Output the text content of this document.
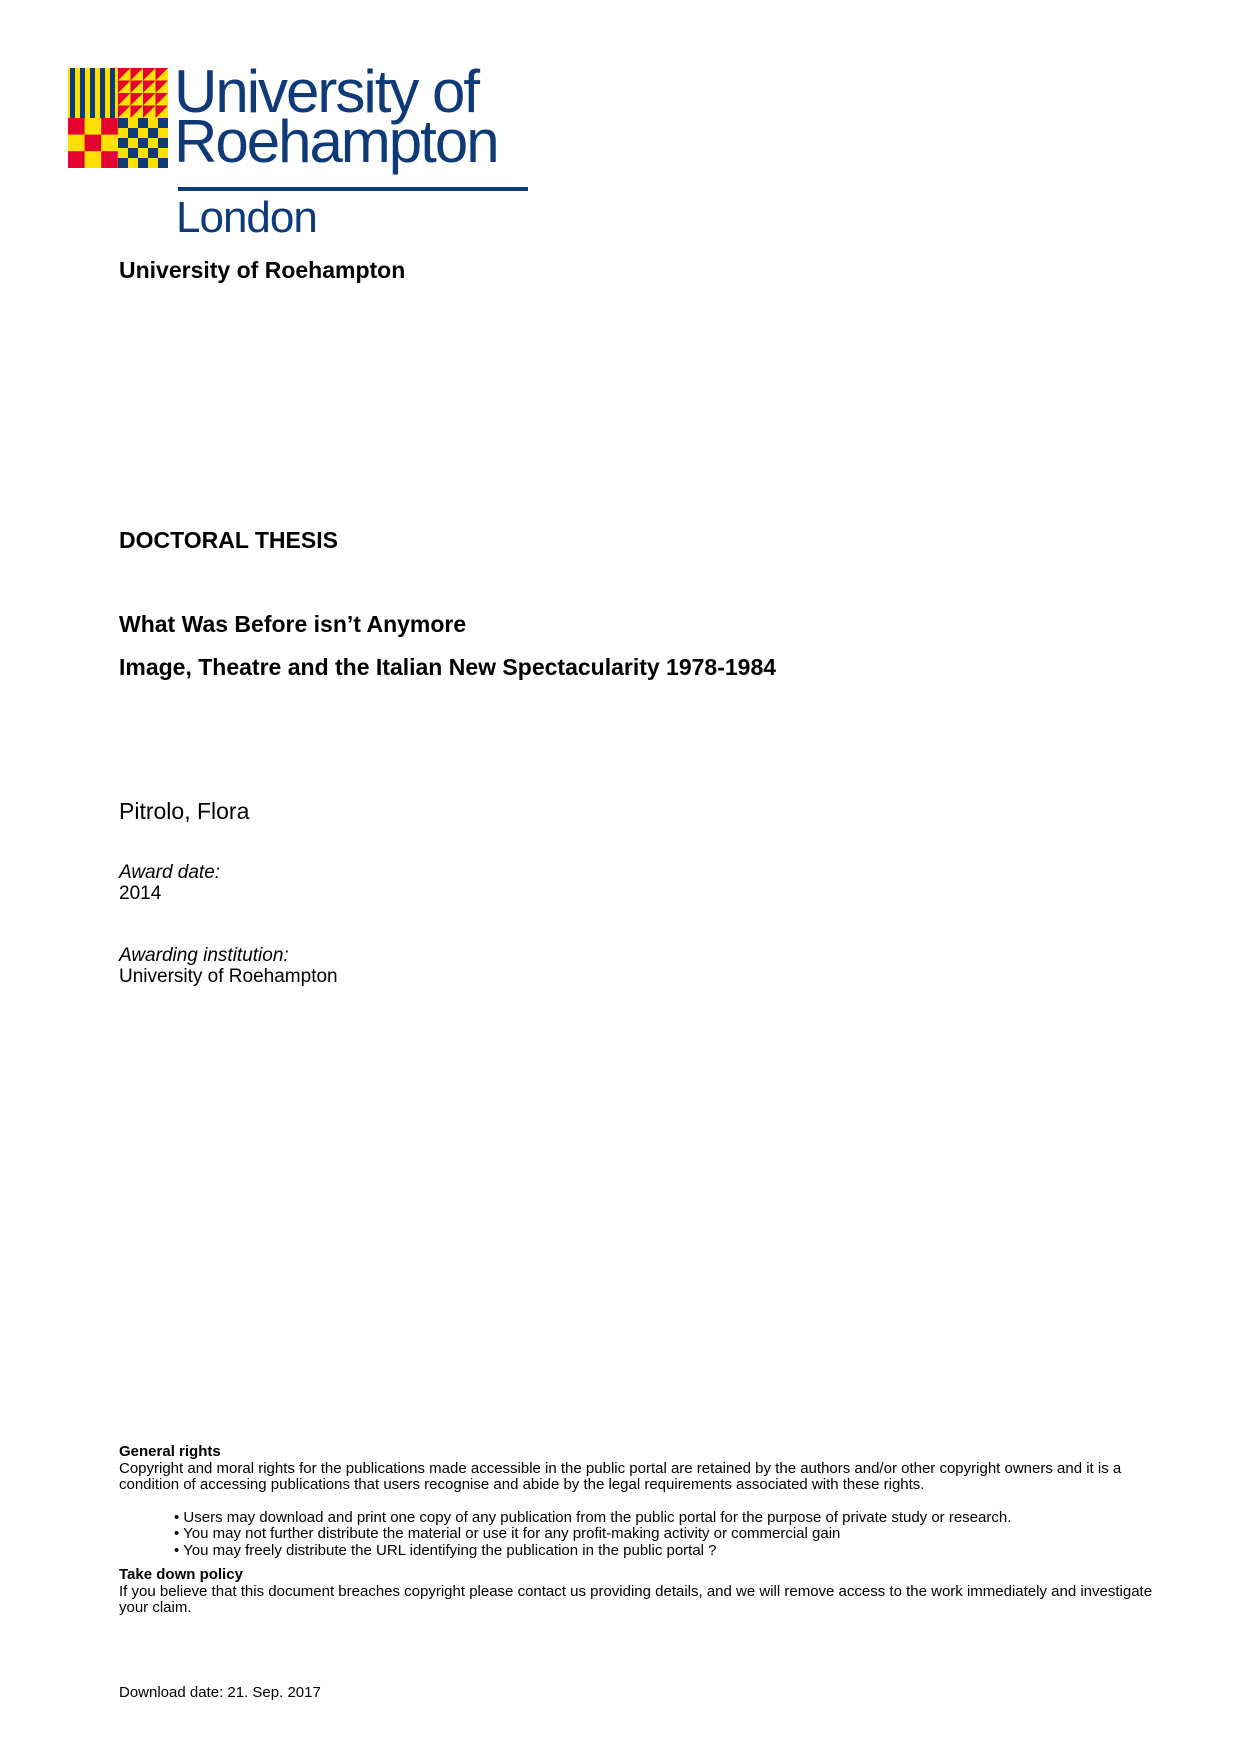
University of
Roehampton
London
University of Roehampton
DOCTORAL THESIS
What Was Before isn’t Anymore
Image, Theatre and the Italian New Spectacularity 1978-1984
Pitrolo, Flora
Award date:
2014
Awarding institution:
University of Roehampton
General rights
Copyright and moral rights for the publications made accessible in the public portal are retained by the authors and/or other copyright owners and it is a condition of accessing publications that users recognise and abide by the legal requirements associated with these rights.
• Users may download and print one copy of any publication from the public portal for the purpose of private study or research.
• You may not further distribute the material or use it for any profit-making activity or commercial gain
• You may freely distribute the URL identifying the publication in the public portal ?
Take down policy
If you believe that this document breaches copyright please contact us providing details, and we will remove access to the work immediately and investigate your claim.
Download date: 21. Sep. 2017
